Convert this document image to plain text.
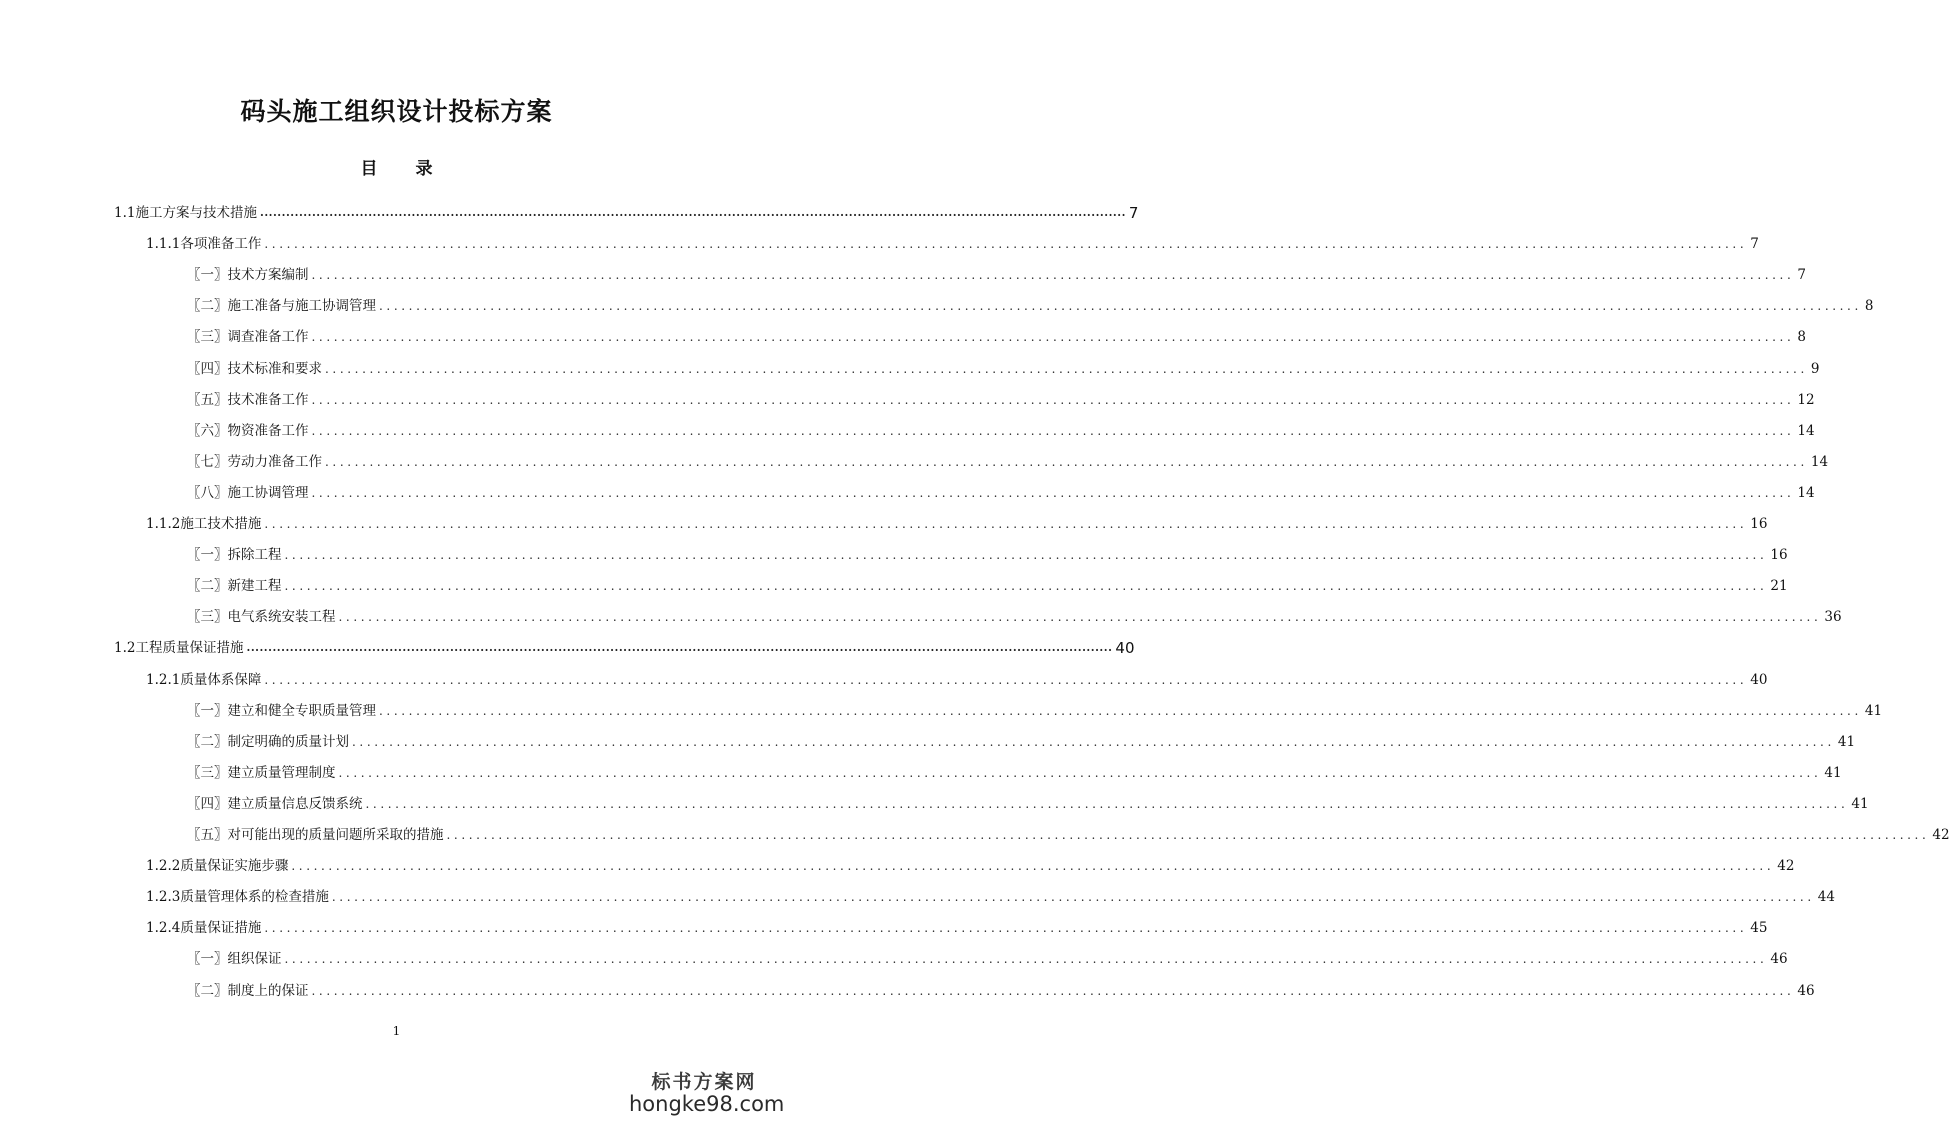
码头施工组织设计投标方案
目 录
1.1施工方案与技术措施 ........................................................................................................................................................................................................ 7
1.1.1各项准备工作 ........................................................................................................................................................................................................ 7
〖一〗技术方案编制 ........................................................................................................................................................................................................ 7
〖二〗施工准备与施工协调管理 ........................................................................................................................................................................................................ 8
〖三〗调查准备工作 ........................................................................................................................................................................................................ 8
〖四〗技术标准和要求 ........................................................................................................................................................................................................ 9
〖五〗技术准备工作 ........................................................................................................................................................................................................ 12
〖六〗物资准备工作 ........................................................................................................................................................................................................ 14
〖七〗劳动力准备工作 ........................................................................................................................................................................................................ 14
〖八〗施工协调管理 ........................................................................................................................................................................................................ 14
1.1.2施工技术措施 ........................................................................................................................................................................................................ 16
〖一〗拆除工程 ........................................................................................................................................................................................................ 16
〖二〗新建工程 ........................................................................................................................................................................................................ 21
〖三〗电气系统安装工程 ........................................................................................................................................................................................................ 36
1.2工程质量保证措施 ........................................................................................................................................................................................................ 40
1.2.1质量体系保障 ........................................................................................................................................................................................................ 40
〖一〗建立和健全专职质量管理 ........................................................................................................................................................................................................ 41
〖二〗制定明确的质量计划 ........................................................................................................................................................................................................ 41
〖三〗建立质量管理制度 ........................................................................................................................................................................................................ 41
〖四〗建立质量信息反馈系统 ........................................................................................................................................................................................................ 41
〖五〗对可能出现的质量问题所采取的措施 ........................................................................................................................................................................................................ 42
1.2.2质量保证实施步骤 ........................................................................................................................................................................................................ 42
1.2.3质量管理体系的检查措施 ........................................................................................................................................................................................................ 44
1.2.4质量保证措施 ........................................................................................................................................................................................................ 45
〖一〗组织保证 ........................................................................................................................................................................................................ 46
〖二〗制度上的保证 ........................................................................................................................................................................................................ 46
1
标书方案网
hongke98.com
